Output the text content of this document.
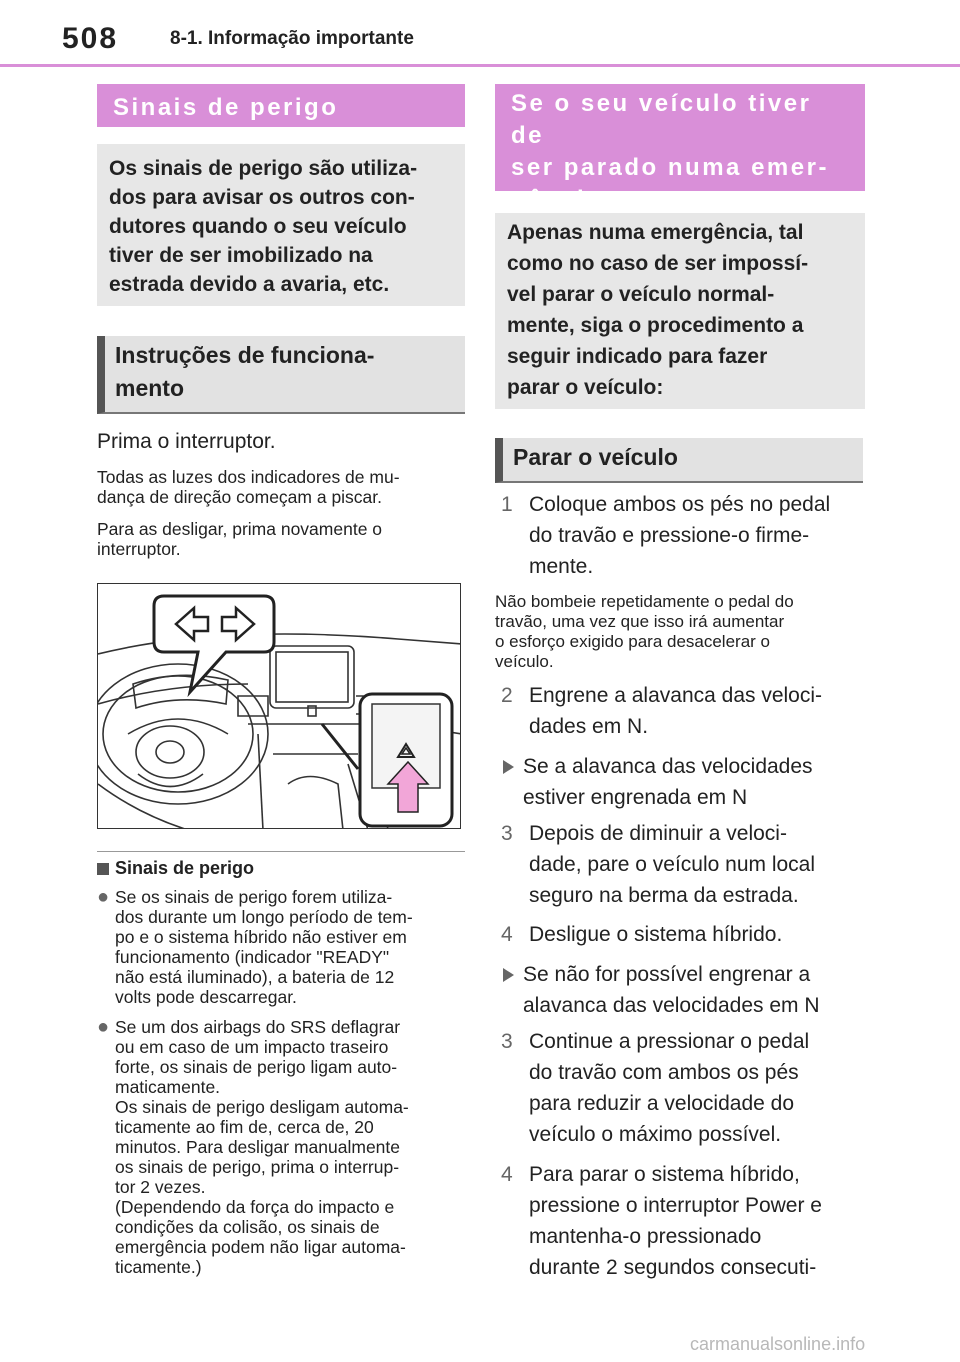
508	8-1. Informação importante
Sinais de perigo
Os sinais de perigo são utiliza-
dos para avisar os outros con-
dutores quando o seu veículo
tiver de ser imobilizado na
estrada devido a avaria, etc.
Instruções de funciona-
mento
Prima o interruptor.
Todas as luzes dos indicadores de mu-
dança de direção começam a piscar.
Para as desligar, prima novamente o
interruptor.
Sinais de perigo
● Se os sinais de perigo forem utiliza-
dos durante um longo período de tem-
po e o sistema híbrido não estiver em
funcionamento (indicador "READY"
não está iluminado), a bateria de 12
volts pode descarregar.
● Se um dos airbags do SRS deflagrar
ou em caso de um impacto traseiro
forte, os sinais de perigo ligam auto-
maticamente.
Os sinais de perigo desligam automa-
ticamente ao fim de, cerca de, 20
minutos. Para desligar manualmente
os sinais de perigo, prima o interrup-
tor 2 vezes.
(Dependendo da força do impacto e
condições da colisão, os sinais de
emergência podem não ligar automa-
ticamente.)
Se o seu veículo tiver de
ser parado numa emer-
gência
Apenas numa emergência, tal
como no caso de ser impossí-
vel parar o veículo normal-
mente, siga o procedimento a
seguir indicado para fazer
parar o veículo:
Parar o veículo
1 Coloque ambos os pés no pedal
do travão e pressione-o firme-
mente.
Não bombeie repetidamente o pedal do
travão, uma vez que isso irá aumentar
o esforço exigido para desacelerar o
veículo.
2 Engrene a alavanca das veloci-
dades em N.
Se a alavanca das velocidades
estiver engrenada em N
3 Depois de diminuir a veloci-
dade, pare o veículo num local
seguro na berma da estrada.
4 Desligue o sistema híbrido.
Se não for possível engrenar a
alavanca das velocidades em N
3 Continue a pressionar o pedal
do travão com ambos os pés
para reduzir a velocidade do
veículo o máximo possível.
4 Para parar o sistema híbrido,
pressione o interruptor Power e
mantenha-o pressionado
durante 2 segundos consecuti-
carmanualsonline.info
